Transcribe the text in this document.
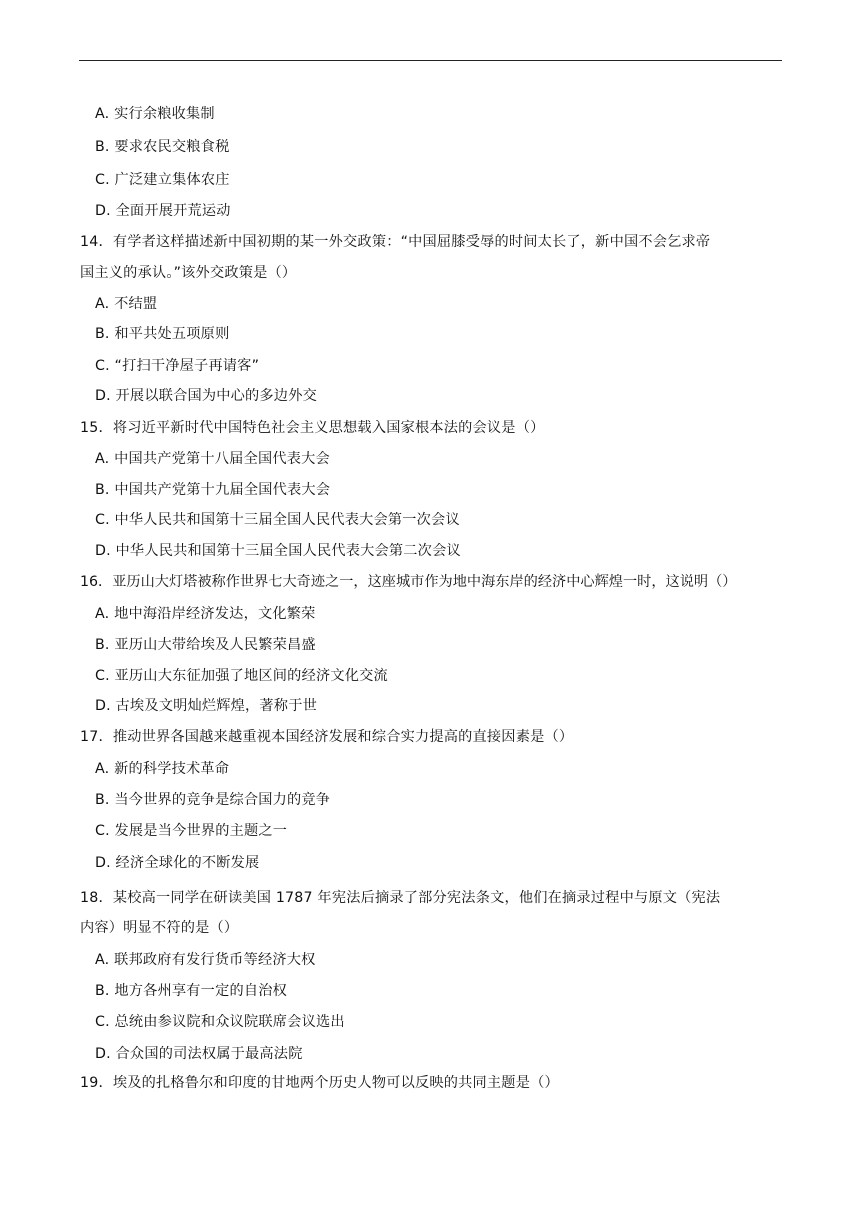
A. 实行余粮收集制
B. 要求农民交粮食税
C. 广泛建立集体农庄
D. 全面开展开荒运动
14．有学者这样描述新中国初期的某一外交政策：“中国屈膝受辱的时间太长了，新中国不会乞求帝
国主义的承认。”该外交政策是（）
A. 不结盟
B. 和平共处五项原则
C. “打扫干净屋子再请客”
D. 开展以联合国为中心的多边外交
15．将习近平新时代中国特色社会主义思想载入国家根本法的会议是（）
A. 中国共产党第十八届全国代表大会
B. 中国共产党第十九届全国代表大会
C. 中华人民共和国第十三届全国人民代表大会第一次会议
D. 中华人民共和国第十三届全国人民代表大会第二次会议
16．亚历山大灯塔被称作世界七大奇迹之一，这座城市作为地中海东岸的经济中心辉煌一时，这说明（）
A. 地中海沿岸经济发达，文化繁荣
B. 亚历山大带给埃及人民繁荣昌盛
C. 亚历山大东征加强了地区间的经济文化交流
D. 古埃及文明灿烂辉煌，著称于世
17．推动世界各国越来越重视本国经济发展和综合实力提高的直接因素是（）
A. 新的科学技术革命
B. 当今世界的竞争是综合国力的竞争
C. 发展是当今世界的主题之一
D. 经济全球化的不断发展
18．某校高一同学在研读美国 1787 年宪法后摘录了部分宪法条文，他们在摘录过程中与原文（宪法
内容）明显不符的是（）
A. 联邦政府有发行货币等经济大权
B. 地方各州享有一定的自治权
C. 总统由参议院和众议院联席会议选出
D. 合众国的司法权属于最高法院
19．埃及的扎格鲁尔和印度的甘地两个历史人物可以反映的共同主题是（）
